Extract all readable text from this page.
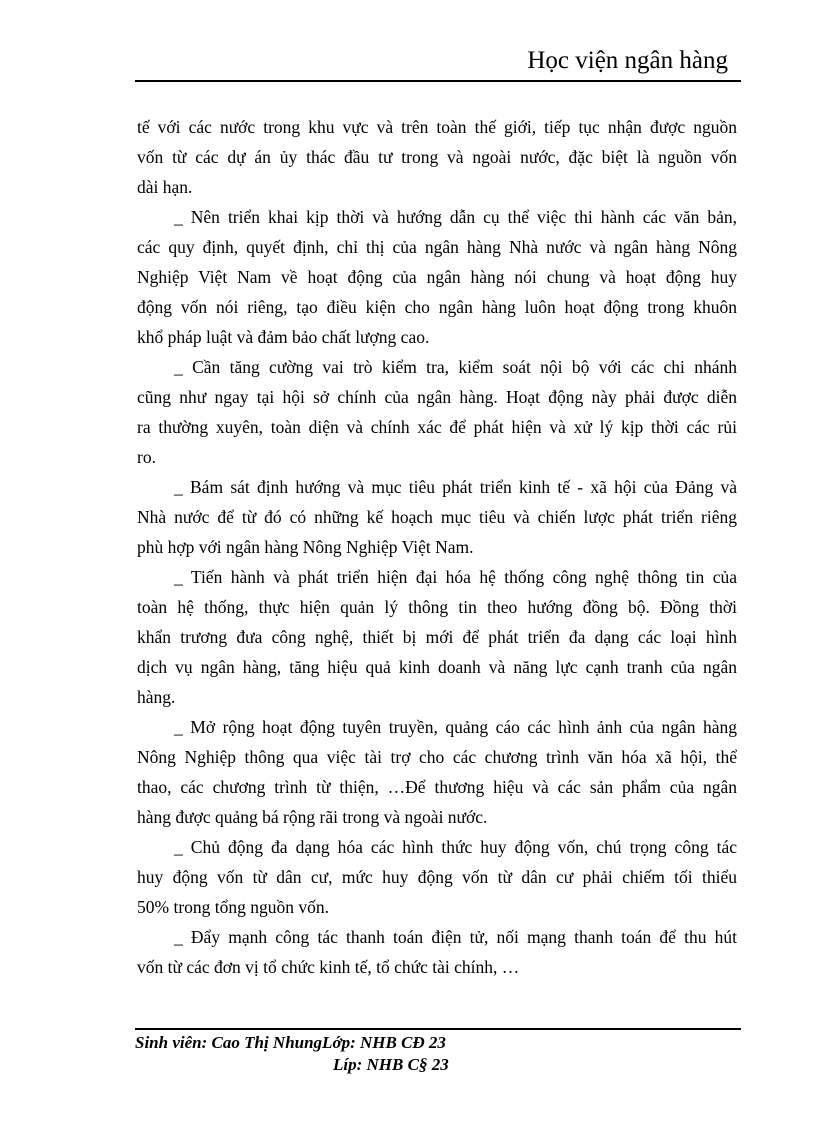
Học viện ngân hàng
tế với các nước trong khu vực và trên toàn thế giới, tiếp tục nhận được nguồn
vốn từ các dự án ủy thác đầu tư trong và ngoài nước, đặc biệt là nguồn vốn
dài hạn.
_ Nên triển khai kịp thời và hướng dẫn cụ thể việc thi hành các văn bản,
các quy định, quyết định, chỉ thị của ngân hàng Nhà nước và ngân hàng Nông
Nghiệp Việt Nam về hoạt động của ngân hàng nói chung và hoạt động huy
động vốn nói riêng, tạo điều kiện cho ngân hàng luôn hoạt động trong khuôn
khổ pháp luật và đảm bảo chất lượng cao.
_ Cần tăng cường vai trò kiểm tra, kiểm soát nội bộ với các chi nhánh
cũng như ngay tại hội sở chính của ngân hàng. Hoạt động này phải được diễn
ra thường xuyên, toàn diện và chính xác để phát hiện và xử lý kịp thời các rủi
ro.
_ Bám sát định hướng và mục tiêu phát triển kinh tế - xã hội của Đảng và
Nhà nước để từ đó có những kế hoạch mục tiêu và chiến lược phát triển riêng
phù hợp với ngân hàng Nông Nghiệp Việt Nam.
_ Tiến hành và phát triển hiện đại hóa hệ thống công nghệ thông tin của
toàn hệ thống, thực hiện quản lý thông tin theo hướng đồng bộ. Đồng thời
khẩn trương đưa công nghệ, thiết bị mới để phát triển đa dạng các loại hình
dịch vụ ngân hàng, tăng hiệu quả kinh doanh và năng lực cạnh tranh của ngân
hàng.
_ Mở rộng hoạt động tuyên truyền, quảng cáo các hình ảnh của ngân hàng
Nông Nghiệp thông qua việc tài trợ cho các chương trình văn hóa xã hội, thể
thao, các chương trình từ thiện, …Để thương hiệu và các sản phẩm của ngân
hàng được quảng bá rộng rãi trong và ngoài nước.
_ Chủ động đa dạng hóa các hình thức huy động vốn, chú trọng công tác
huy động vốn từ dân cư, mức huy động vốn từ dân cư phải chiếm tối thiểu
50% trong tổng nguồn vốn.
_ Đẩy mạnh công tác thanh toán điện tử, nối mạng thanh toán để thu hút
vốn từ các đơn vị tổ chức kinh tế, tổ chức tài chính, …
Sinh viên: Cao Thị NhungLớp: NHB CĐ 23
Líp: NHB C§ 23
